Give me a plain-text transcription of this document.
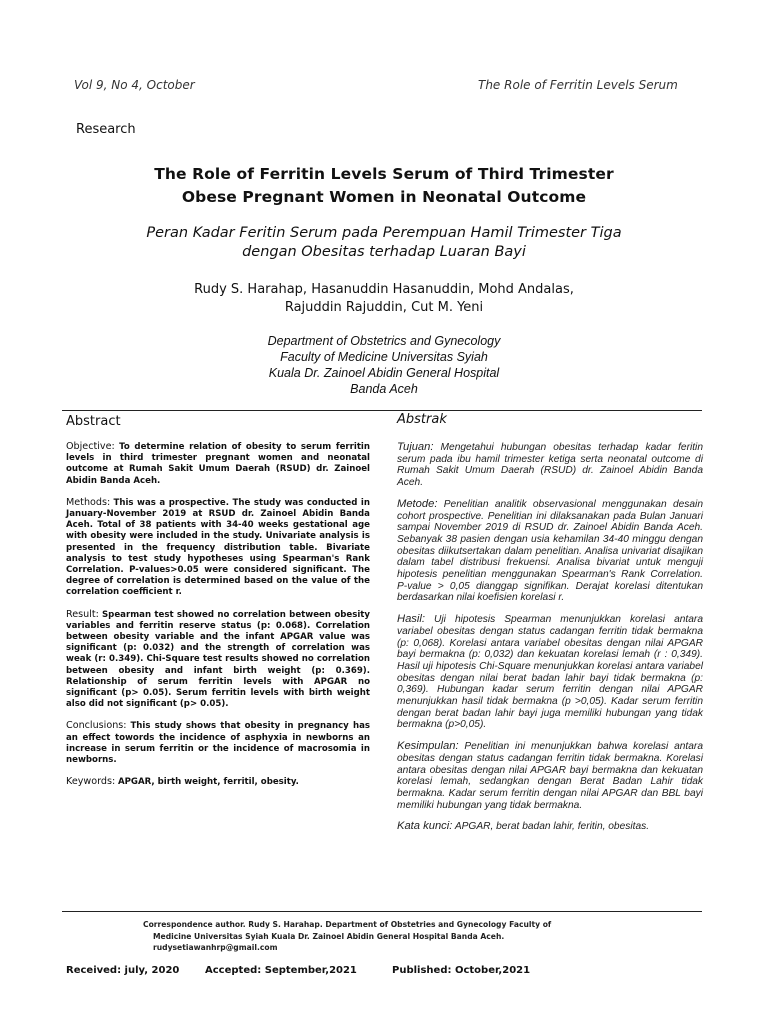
Vol 9, No 4, October	The Role of Ferritin Levels Serum
Research
The Role of Ferritin Levels Serum of Third Trimester
Obese Pregnant Women in Neonatal Outcome
Peran Kadar Feritin Serum pada Perempuan Hamil Trimester Tiga
dengan Obesitas terhadap Luaran Bayi
Rudy S. Harahap, Hasanuddin Hasanuddin, Mohd Andalas,
Rajuddin Rajuddin, Cut M. Yeni
Department of Obstetrics and Gynecology
Faculty of Medicine Universitas Syiah
Kuala Dr. Zainoel Abidin General Hospital
Banda Aceh
Abstract

Objective: To determine relation of obesity to serum ferritin levels in third trimester pregnant women and neonatal outcome at Rumah Sakit Umum Daerah (RSUD) dr. Zainoel Abidin Banda Aceh.

Methods: This was a prospective. The study was conducted in January-November 2019 at RSUD dr. Zainoel Abidin Banda Aceh. Total of 38 patients with 34-40 weeks gestational age with obesity were included in the study. Univariate analysis is presented in the frequency distribution table. Bivariate analysis to test study hypotheses using Spearman's Rank Correlation. P-values>0.05 were considered significant. The degree of correlation is determined based on the value of the correlation coefficient r.

Result: Spearman test showed no correlation between obesity variables and ferritin reserve status (p: 0.068). Correlation between obesity variable and the infant APGAR value was significant (p: 0.032) and the strength of correlation was weak (r: 0.349). Chi-Square test results showed no correlation between obesity and infant birth weight (p: 0.369). Relationship of serum ferritin levels with APGAR no significant (p> 0.05). Serum ferritin levels with birth weight also did not significant (p> 0.05).

Conclusions: This study shows that obesity in pregnancy has an effect towords the incidence of asphyxia in newborns an increase in serum ferritin or the incidence of macrosomia in newborns.

Keywords: APGAR, birth weight, ferritil, obesity.

Abstrak

Tujuan: Mengetahui hubungan obesitas terhadap kadar feritin serum pada ibu hamil trimester ketiga serta neonatal outcome di Rumah Sakit Umum Daerah (RSUD) dr. Zainoel Abidin Banda Aceh.

Metode: Penelitian analitik observasional menggunakan desain cohort prospective. Penelitian ini dilaksanakan pada Bulan Januari sampai November 2019 di RSUD dr. Zainoel Abidin Banda Aceh. Sebanyak 38 pasien dengan usia kehamilan 34-40 minggu dengan obesitas diikutsertakan dalam penelitian. Analisa univariat disajikan dalam tabel distribusi frekuensi. Analisa bivariat untuk menguji hipotesis penelitian menggunakan Spearman's Rank Correlation. P-value > 0,05 dianggap signifikan. Derajat korelasi ditentukan berdasarkan nilai koefisien korelasi r.

Hasil: Uji hipotesis Spearman menunjukkan korelasi antara variabel obesitas dengan status cadangan ferritin tidak bermakna (p: 0,068). Korelasi antara variabel obesitas dengan nilai APGAR bayi bermakna (p: 0,032) dan kekuatan korelasi lemah (r : 0,349). Hasil uji hipotesis Chi-Square menunjukkan korelasi antara variabel obesitas dengan nilai berat badan lahir bayi tidak bermakna (p: 0,369). Hubungan kadar serum ferritin dengan nilai APGAR menunjukkan hasil tidak bermakna (p >0,05). Kadar serum ferritin dengan berat badan lahir bayi juga memiliki hubungan yang tidak bermakna (p>0,05).

Kesimpulan: Penelitian ini menunjukkan bahwa korelasi antara obesitas dengan status cadangan ferritin tidak bermakna. Korelasi antara obesitas dengan nilai APGAR bayi bermakna dan kekuatan korelasi lemah, sedangkan dengan Berat Badan Lahir tidak bermakna. Kadar serum ferritin dengan nilai APGAR dan BBL bayi memiliki hubungan yang tidak bermakna.

Kata kunci: APGAR, berat badan lahir, feritin, obesitas.

Correspondence author. Rudy S. Harahap. Department of Obstetries and Gynecology Faculty of
Medicine Universitas Syiah Kuala Dr. Zainoel Abidin General Hospital Banda Aceh.
rudysetiawanhrp@gmail.com
Received: july, 2020	Accepted: September,2021	Published: October,2021
